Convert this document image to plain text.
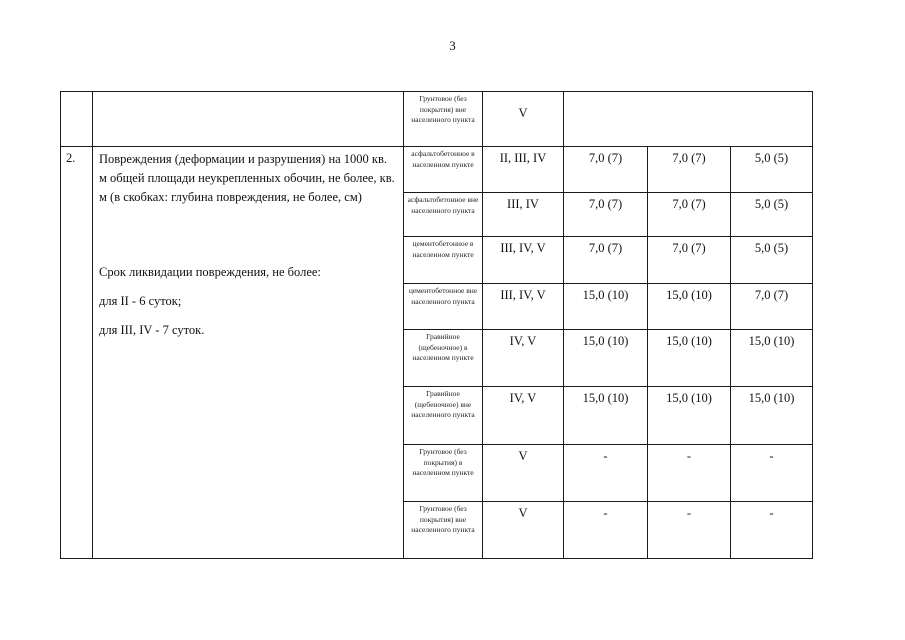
3
		Грунтовое (без покрытия) вне населенного пункта	V			
2.	Повреждения (деформации и разрушения) на 1000 кв. м общей площади неукрепленных обочин, не более, кв. м (в скобках: глубина повреждения, не более, см)

Срок ликвидации повреждения, не более:

для II - 6 суток;

для III, IV - 7 суток.	асфальтобетонное в населенном пункте	II, III, IV	7,0 (7)	7,0 (7)	5,0 (5)
		асфальтобетонное вне населенного пункта	III, IV	7,0 (7)	7,0 (7)	5,0 (5)
		цементобетонное в населенном пункте	III, IV, V	7,0 (7)	7,0 (7)	5,0 (5)
		цементобетонное вне населенного пункта	III, IV, V	15,0 (10)	15,0 (10)	7,0 (7)
		Гравийное (щебеночное) в населенном пункте	IV, V	15,0 (10)	15,0 (10)	15,0 (10)
		Гравийное (щебеночное) вне населенного пункта	IV, V	15,0 (10)	15,0 (10)	15,0 (10)
		Грунтовое (без покрытия) в населенном пункте	V	-	-	-
		Грунтовое (без покрытия) вне населенного пункта	V	-	-	-
